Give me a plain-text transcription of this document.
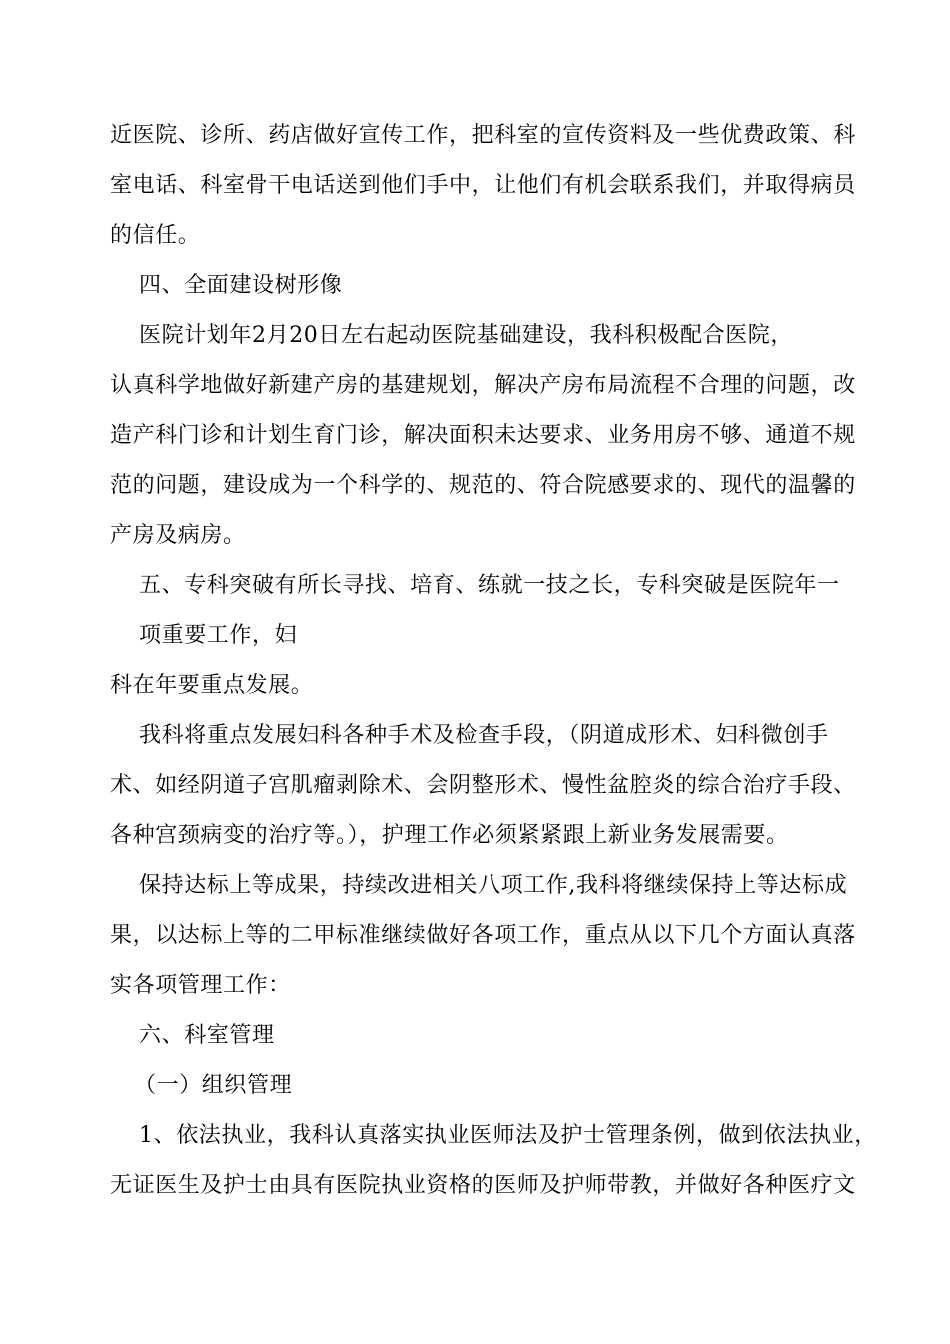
近医院、诊所、药店做好宣传工作，把科室的宣传资料及一些优费政策、科
室电话、科室骨干电话送到他们手中，让他们有机会联系我们，并取得病员
的信任。
四、全面建设树形像
医院计划年2月20日左右起动医院基础建设，我科积极配合医院，
认真科学地做好新建产房的基建规划，解决产房布局流程不合理的问题，改
造产科门诊和计划生育门诊，解决面积未达要求、业务用房不够、通道不规
范的问题，建设成为一个科学的、规范的、符合院感要求的、现代的温馨的
产房及病房。
五、专科突破有所长寻找、培育、练就一技之长，专科突破是医院年一
项重要工作，妇
科在年要重点发展。
我科将重点发展妇科各种手术及检查手段，（阴道成形术、妇科微创手
术、如经阴道子宫肌瘤剥除术、会阴整形术、慢性盆腔炎的综合治疗手段、
各种宫颈病变的治疗等。），护理工作必须紧紧跟上新业务发展需要。
保持达标上等成果，持续改进相关八项工作,我科将继续保持上等达标成
果，以达标上等的二甲标准继续做好各项工作，重点从以下几个方面认真落
实各项管理工作：
六、科室管理
（一）组织管理
1、依法执业，我科认真落实执业医师法及护士管理条例，做到依法执业，
无证医生及护士由具有医院执业资格的医师及护师带教，并做好各种医疗文
